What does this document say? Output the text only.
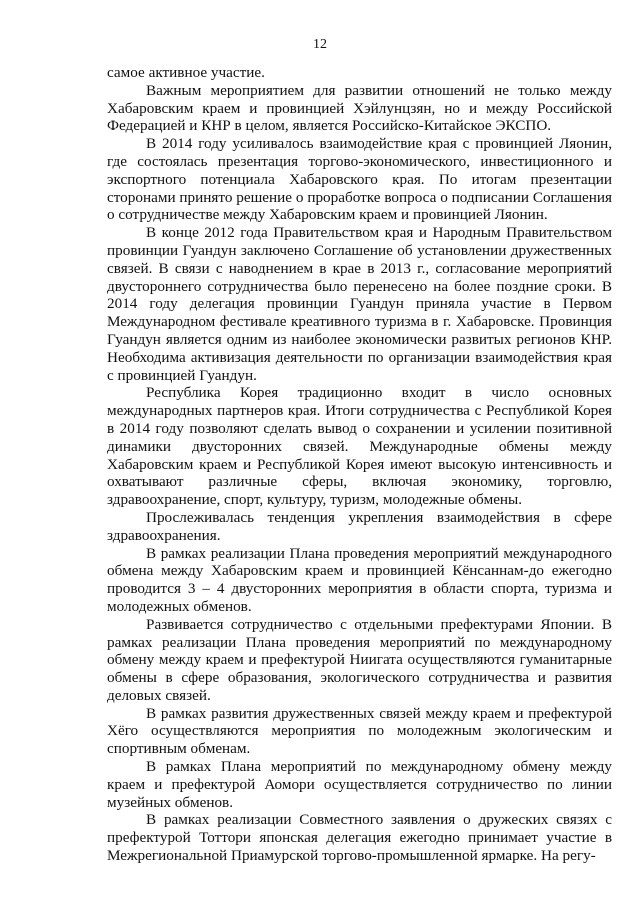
12

самое активное участие.

Важным мероприятием для развитии отношений не только между Хабаровским краем и провинцией Хэйлунцзян, но и между Российской Федерацией и КНР в целом, является Российско-Китайское ЭКСПО.

В 2014 году усиливалось взаимодействие края с провинцией Ляонин, где состоялась презентация торгово-экономического, инвестиционного и экспортного потенциала Хабаровского края. По итогам презентации сторонами принято решение о проработке вопроса о подписании Соглашения о сотрудничестве между Хабаровским краем и провинцией Ляонин.

В конце 2012 года Правительством края и Народным Правительством провинции Гуандун заключено Соглашение об установлении дружественных связей. В связи с наводнением в крае в 2013 г., согласование мероприятий двустороннего сотрудничества было перенесено на более поздние сроки. В 2014 году делегация провинции Гуандун приняла участие в Первом Международном фестивале креативного туризма в г. Хабаровске. Провинция Гуандун является одним из наиболее экономически развитых регионов КНР. Необходима активизация деятельности по организации взаимодействия края с провинцией Гуандун.

Республика Корея традиционно входит в число основных международных партнеров края. Итоги сотрудничества с Республикой Корея в 2014 году позволяют сделать вывод о сохранении и усилении позитивной динамики двусторонних связей. Международные обмены между Хабаровским краем и Республикой Корея имеют высокую интенсивность и охватывают различные сферы, включая экономику, торговлю, здравоохранение, спорт, культуру, туризм, молодежные обмены.

Прослеживалась тенденция укрепления взаимодействия в сфере здравоохранения.

В рамках реализации Плана проведения мероприятий международного обмена между Хабаровским краем и провинцией Кёнсаннам-до ежегодно проводится 3 – 4 двусторонних мероприятия в области спорта, туризма и молодежных обменов.

Развивается сотрудничество с отдельными префектурами Японии. В рамках реализации Плана проведения мероприятий по международному обмену между краем и префектурой Ниигата осуществляются гуманитарные обмены в сфере образования, экологического сотрудничества и развития деловых связей.

В рамках развития дружественных связей между краем и префектурой Хёго осуществляются мероприятия по молодежным экологическим и спортивным обменам.

В рамках Плана мероприятий по международному обмену между краем и префектурой Аомори осуществляется сотрудничество по линии музейных обменов.

В рамках реализации Совместного заявления о дружеских связях с префектурой Тоттори японская делегация ежегодно принимает участие в Межрегиональной Приамурской торгово-промышленной ярмарке. На регу-
